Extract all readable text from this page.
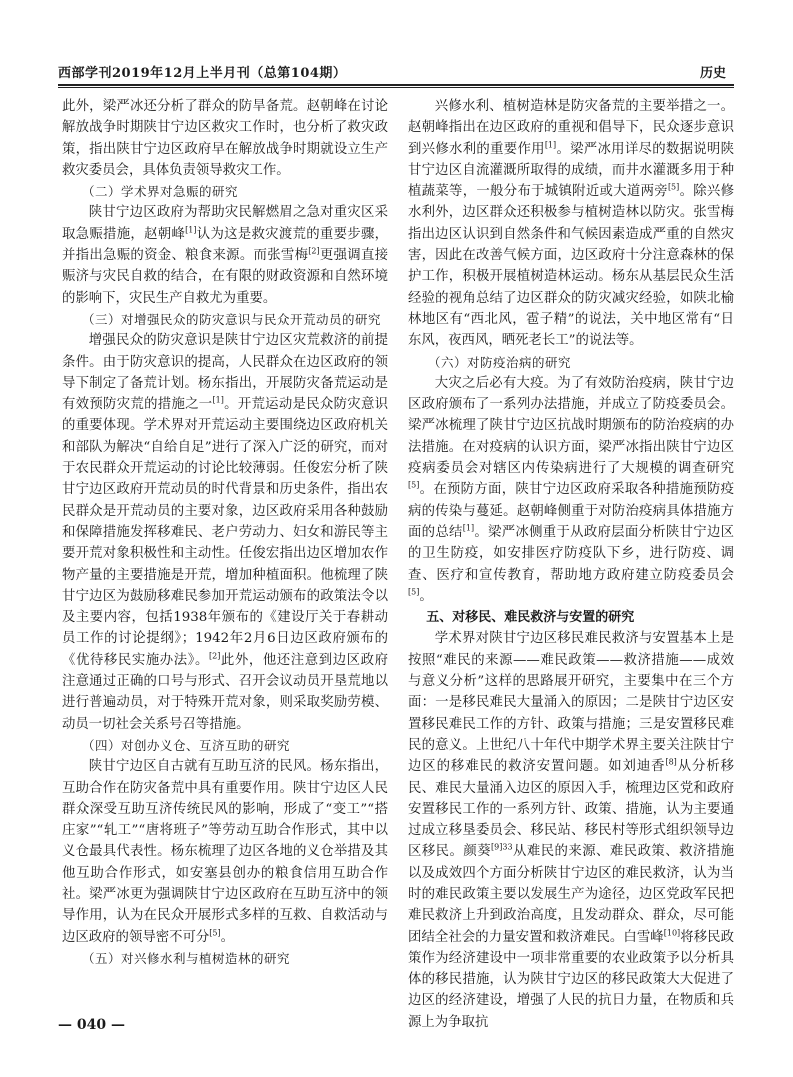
西部学刊2019年12月上半月刊（总第104期）	历史

此外，梁严冰还分析了群众的防旱备荒。赵朝峰在讨论解放战争时期陕甘宁边区救灾工作时，也分析了救灾政策，指出陕甘宁边区政府早在解放战争时期就设立生产救灾委员会，具体负责领导救灾工作。

（二）学术界对急赈的研究

陕甘宁边区政府为帮助灾民解燃眉之急对重灾区采取急赈措施，赵朝峰[1]认为这是救灾渡荒的重要步骤，并指出急赈的资金、粮食来源。而张雪梅[2]更强调直接赈济与灾民自救的结合，在有限的财政资源和自然环境的影响下，灾民生产自救尤为重要。

（三）对增强民众的防灾意识与民众开荒动员的研究

增强民众的防灾意识是陕甘宁边区灾荒救济的前提条件。由于防灾意识的提高，人民群众在边区政府的领导下制定了备荒计划。杨东指出，开展防灾备荒运动是有效预防灾荒的措施之一[1]。开荒运动是民众防灾意识的重要体现。学术界对开荒运动主要围绕边区政府机关和部队为解决“自给自足”进行了深入广泛的研究，而对于农民群众开荒运动的讨论比较薄弱。任俊宏分析了陕甘宁边区政府开荒动员的时代背景和历史条件，指出农民群众是开荒动员的主要对象，边区政府采用各种鼓励和保障措施发挥移难民、老户劳动力、妇女和游民等主要开荒对象积极性和主动性。任俊宏指出边区增加农作物产量的主要措施是开荒，增加种植面积。他梳理了陕甘宁边区为鼓励移难民参加开荒运动颁布的政策法令以及主要内容，包括1938年颁布的《建设厅关于春耕动员工作的讨论提纲》；1942年2月6日边区政府颁布的《优待移民实施办法》。[2]此外，他还注意到边区政府注意通过正确的口号与形式、召开会议动员开垦荒地以进行普遍动员，对于特殊开荒对象，则采取奖励劳模、动员一切社会关系号召等措施。

（四）对创办义仓、互济互助的研究

陕甘宁边区自古就有互助互济的民风。杨东指出，互助合作在防灾备荒中具有重要作用。陕甘宁边区人民群众深受互助互济传统民风的影响，形成了“变工”“搭庄家”“轧工”“唐将班子”等劳动互助合作形式，其中以义仓最具代表性。杨东梳理了边区各地的义仓举措及其他互助合作形式，如安塞县创办的粮食信用互助合作社。梁严冰更为强调陕甘宁边区政府在互助互济中的领导作用，认为在民众开展形式多样的互救、自救活动与边区政府的领导密不可分[5]。

（五）对兴修水利与植树造林的研究

兴修水利、植树造林是防灾备荒的主要举措之一。赵朝峰指出在边区政府的重视和倡导下，民众逐步意识到兴修水利的重要作用[1]。梁严冰用详尽的数据说明陕甘宁边区自流灌溉所取得的成绩，而井水灌溉多用于种植蔬菜等，一般分布于城镇附近或大道两旁[5]。除兴修水利外，边区群众还积极参与植树造林以防灾。张雪梅指出边区认识到自然条件和气候因素造成严重的自然灾害，因此在改善气候方面，边区政府十分注意森林的保护工作，积极开展植树造林运动。杨东从基层民众生活经验的视角总结了边区群众的防灾减灾经验，如陕北榆林地区有“西北风，雹子精”的说法，关中地区常有“日东风，夜西风，晒死老长工”的说法等。

（六）对防疫治病的研究

大灾之后必有大疫。为了有效防治疫病，陕甘宁边区政府颁布了一系列办法措施，并成立了防疫委员会。梁严冰梳理了陕甘宁边区抗战时期颁布的防治疫病的办法措施。在对疫病的认识方面，梁严冰指出陕甘宁边区疫病委员会对辖区内传染病进行了大规模的调查研究[5]。在预防方面，陕甘宁边区政府采取各种措施预防疫病的传染与蔓延。赵朝峰侧重于对防治疫病具体措施方面的总结[1]。梁严冰侧重于从政府层面分析陕甘宁边区的卫生防疫，如安排医疗防疫队下乡，进行防疫、调查、医疗和宣传教育，帮助地方政府建立防疫委员会[5]。

五、对移民、难民救济与安置的研究

学术界对陕甘宁边区移民难民救济与安置基本上是按照“难民的来源——难民政策——救济措施——成效与意义分析”这样的思路展开研究，主要集中在三个方面：一是移民难民大量涌入的原因；二是陕甘宁边区安置移民难民工作的方针、政策与措施；三是安置移民难民的意义。上世纪八十年代中期学术界主要关注陕甘宁边区的移难民的救济安置问题。如刘迪香[8]从分析移民、难民大量涌入边区的原因入手，梳理边区党和政府安置移民工作的一系列方针、政策、措施，认为主要通过成立移垦委员会、移民站、移民村等形式组织领导边区移民。颜葵$^{[9]33}$从难民的来源、难民政策、救济措施以及成效四个方面分析陕甘宁边区的难民救济，认为当时的难民政策主要以发展生产为途径，边区党政军民把难民救济上升到政治高度，且发动群众、群众，尽可能团结全社会的力量安置和救济难民。白雪峰[10]将移民政策作为经济建设中一项非常重要的农业政策予以分析具体的移民措施，认为陕甘宁边区的移民政策大大促进了边区的经济建设，增强了人民的抗日力量，在物质和兵源上为争取抗

— 040 —
